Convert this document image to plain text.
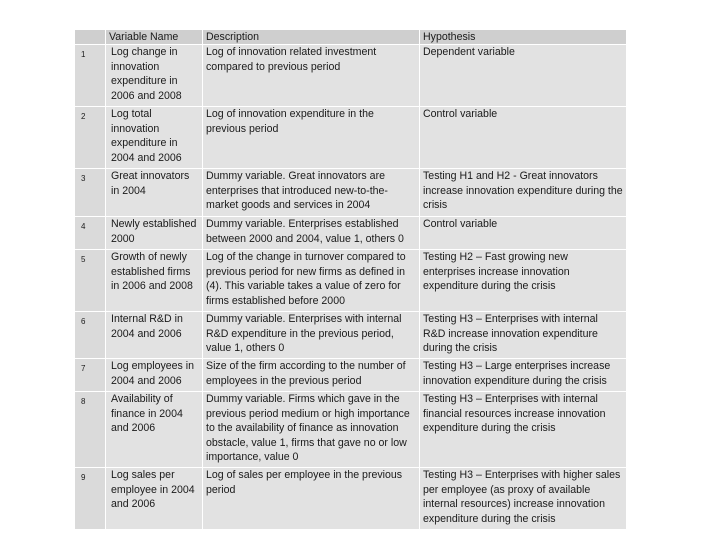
	Variable Name	Description	Hypothesis
1	Log change in innovation expenditure in 2006 and 2008	Log of innovation related investment compared to previous period	Dependent variable
2	Log total innovation expenditure in 2004 and 2006	Log of innovation expenditure in the previous period	Control variable
3	Great innovators in 2004	Dummy variable. Great innovators are enterprises that introduced new-to-the-market goods and services in 2004	Testing H1 and H2 - Great innovators increase innovation expenditure during the crisis
4	Newly established 2000	Dummy variable. Enterprises established between 2000 and 2004, value 1, others 0	Control variable
5	Growth of newly established firms in 2006 and 2008	Log of the change in turnover compared to previous period for new firms as defined in (4). This variable takes a value of zero for firms established before 2000	Testing H2 – Fast growing new enterprises increase innovation expenditure during the crisis
6	Internal R&D in 2004 and 2006	Dummy variable. Enterprises with internal R&D expenditure in the previous period, value 1, others 0	Testing H3 – Enterprises with internal R&D increase innovation expenditure during the crisis
7	Log employees in 2004 and 2006	Size of the firm according to the number of employees in the previous period	Testing H3 – Large enterprises increase innovation expenditure during the crisis
8	Availability of finance in 2004 and 2006	Dummy variable. Firms which gave in the previous period medium or high importance to the availability of finance as innovation obstacle, value 1, firms that gave no or low importance, value 0	Testing H3 – Enterprises with internal financial resources increase innovation expenditure during the crisis
9	Log sales per employee in 2004 and 2006	Log of sales per employee in the previous period	Testing H3 – Enterprises with higher sales per employee (as proxy of available internal resources) increase innovation expenditure during the crisis
